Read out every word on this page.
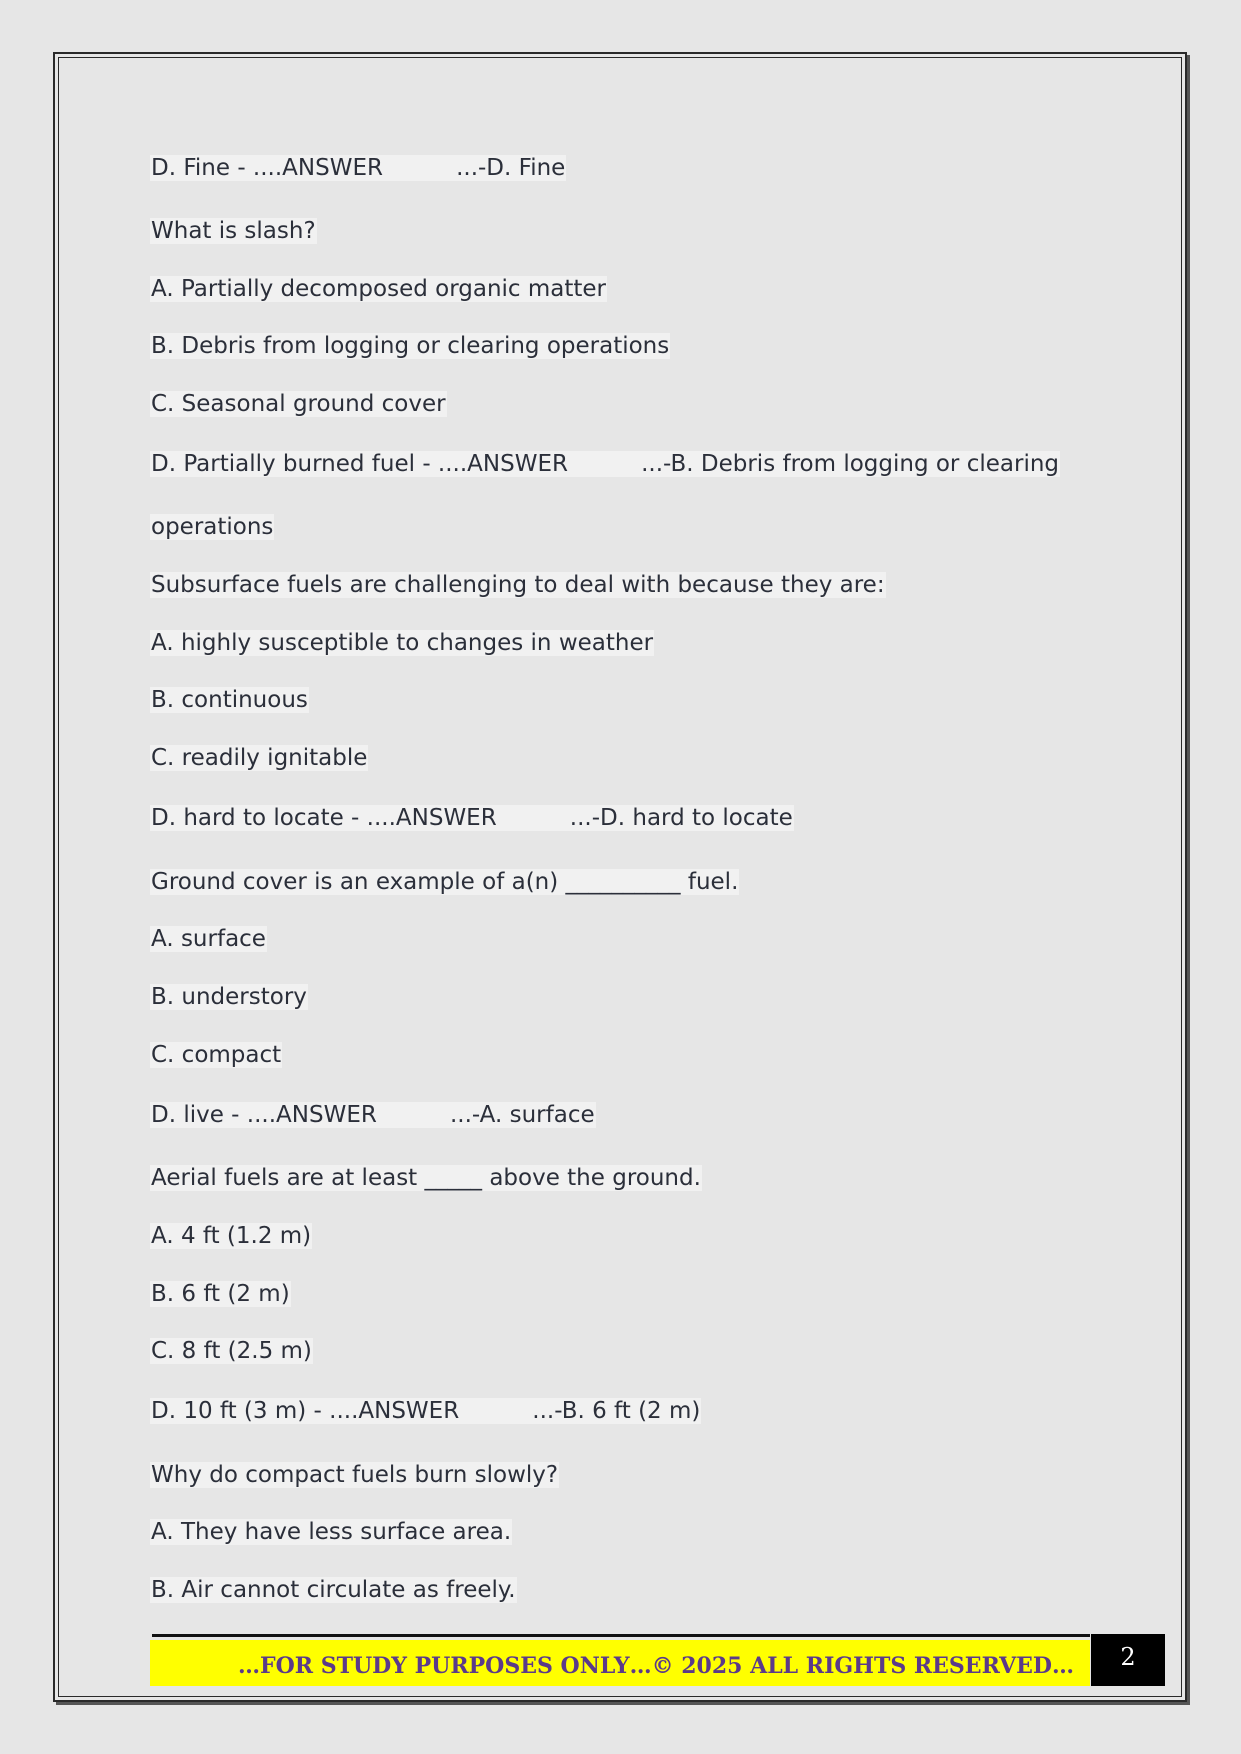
D. Fine - ....ANSWER          ...-D. Fine
What is slash?
A. Partially decomposed organic matter
B. Debris from logging or clearing operations
C. Seasonal ground cover
D. Partially burned fuel - ....ANSWER          ...-B. Debris from logging or clearing
operations
Subsurface fuels are challenging to deal with because they are:
A. highly susceptible to changes in weather
B. continuous
C. readily ignitable
D. hard to locate - ....ANSWER          ...-D. hard to locate
Ground cover is an example of a(n) __________ fuel.
A. surface
B. understory
C. compact
D. live - ....ANSWER          ...-A. surface
Aerial fuels are at least _____ above the ground.
A. 4 ft (1.2 m)
B. 6 ft (2 m)
C. 8 ft (2.5 m)
D. 10 ft (3 m) - ....ANSWER          ...-B. 6 ft (2 m)
Why do compact fuels burn slowly?
A. They have less surface area.
B. Air cannot circulate as freely.
…FOR STUDY PURPOSES ONLY…© 2025 ALL RIGHTS RESERVED…	2
